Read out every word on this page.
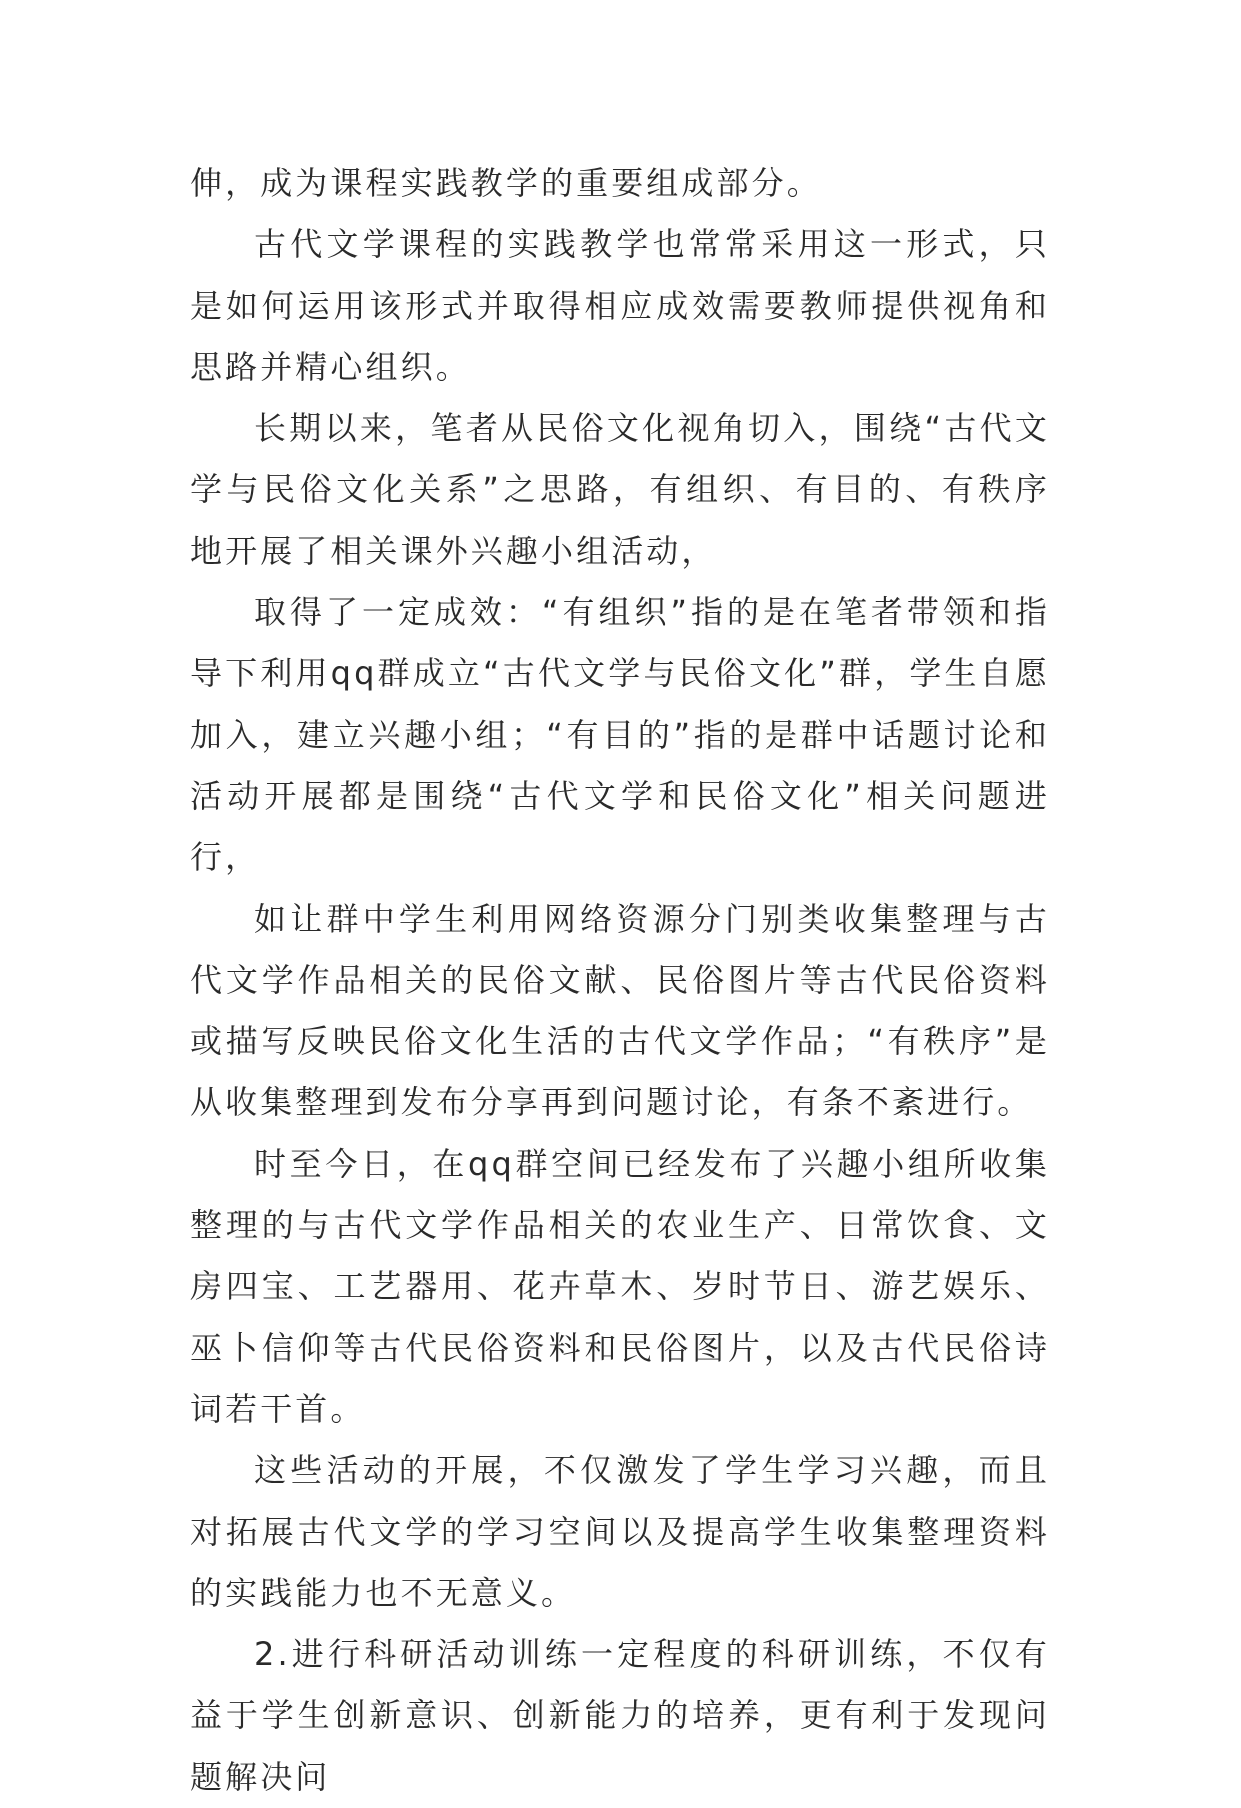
伸，成为课程实践教学的重要组成部分。

古代文学课程的实践教学也常常采用这一形式，只是如何运用该形式并取得相应成效需要教师提供视角和思路并精心组织。

长期以来，笔者从民俗文化视角切入，围绕“古代文学与民俗文化关系”之思路，有组织、有目的、有秩序地开展了相关课外兴趣小组活动，

取得了一定成效：“有组织”指的是在笔者带领和指导下利用qq群成立“古代文学与民俗文化”群，学生自愿加入，建立兴趣小组；“有目的”指的是群中话题讨论和活动开展都是围绕“古代文学和民俗文化”相关问题进行，

如让群中学生利用网络资源分门别类收集整理与古代文学作品相关的民俗文献、民俗图片等古代民俗资料或描写反映民俗文化生活的古代文学作品；“有秩序”是从收集整理到发布分享再到问题讨论，有条不紊进行。

时至今日，在qq群空间已经发布了兴趣小组所收集整理的与古代文学作品相关的农业生产、日常饮食、文房四宝、工艺器用、花卉草木、岁时节日、游艺娱乐、巫卜信仰等古代民俗资料和民俗图片，以及古代民俗诗词若干首。

这些活动的开展，不仅激发了学生学习兴趣，而且对拓展古代文学的学习空间以及提高学生收集整理资料的实践能力也不无意义。

2.进行科研活动训练一定程度的科研训练，不仅有益于学生创新意识、创新能力的培养，更有利于发现问题解决问
